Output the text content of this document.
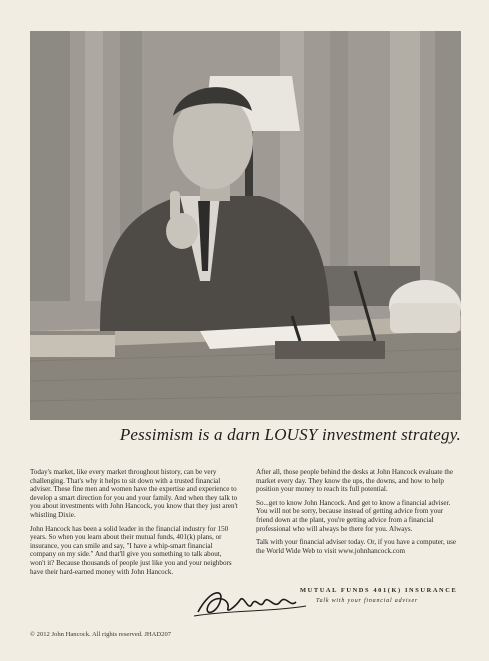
Pessimism is a darn LOUSY investment strategy.

Today's market, like every market throughout history, can be very challenging. That's why it helps to sit down with a trusted financial adviser. These fine men and women have the expertise and experience to develop a smart direction for you and your family. And when they talk to you about investments with John Hancock, you know that they just aren't whistling Dixie.

John Hancock has been a solid leader in the financial industry for 150 years. So when you learn about their mutual funds, 401(k) plans, or insurance, you can smile and say, "I have a whip-smart financial company on my side." And that'll give you something to talk about, won't it? Because thousands of people just like you and your neighbors have their hard-earned money with John Hancock.

After all, those people behind the desks at John Hancock evaluate the market every day. They know the ups, the downs, and how to help position your money to reach its full potential.

So...get to know John Hancock. And get to know a financial adviser. You will not be sorry, because instead of getting advice from your friend down at the plant, you're getting advice from a financial professional who will always be there for you. Always.

Talk with your financial adviser today. Or, if you have a computer, use the World Wide Web to visit www.johnhancock.com

MUTUAL FUNDS 401(K) INSURANCE
Talk with your financial adviser
© 2012 John Hancock. All rights reserved. JHAD207
